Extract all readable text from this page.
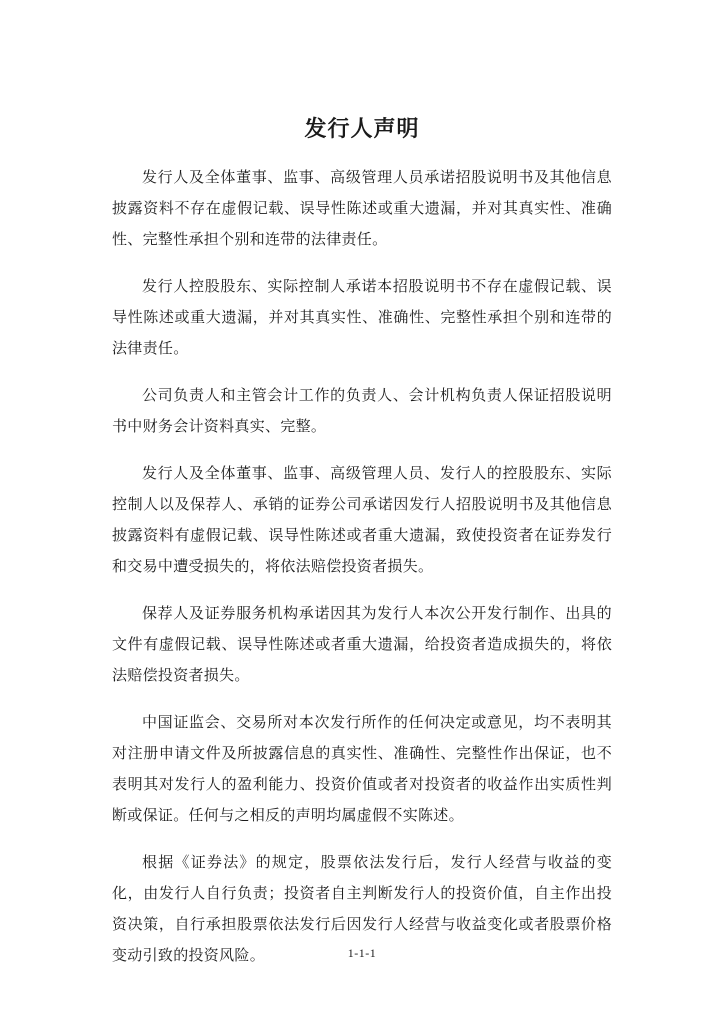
发行人声明

发行人及全体董事、监事、高级管理人员承诺招股说明书及其他信息披露资料不存在虚假记载、误导性陈述或重大遗漏，并对其真实性、准确性、完整性承担个别和连带的法律责任。

发行人控股股东、实际控制人承诺本招股说明书不存在虚假记载、误导性陈述或重大遗漏，并对其真实性、准确性、完整性承担个别和连带的法律责任。

公司负责人和主管会计工作的负责人、会计机构负责人保证招股说明书中财务会计资料真实、完整。

发行人及全体董事、监事、高级管理人员、发行人的控股股东、实际控制人以及保荐人、承销的证券公司承诺因发行人招股说明书及其他信息披露资料有虚假记载、误导性陈述或者重大遗漏，致使投资者在证券发行和交易中遭受损失的，将依法赔偿投资者损失。

保荐人及证券服务机构承诺因其为发行人本次公开发行制作、出具的文件有虚假记载、误导性陈述或者重大遗漏，给投资者造成损失的，将依法赔偿投资者损失。

中国证监会、交易所对本次发行所作的任何决定或意见，均不表明其对注册申请文件及所披露信息的真实性、准确性、完整性作出保证，也不表明其对发行人的盈利能力、投资价值或者对投资者的收益作出实质性判断或保证。任何与之相反的声明均属虚假不实陈述。

根据《证券法》的规定，股票依法发行后，发行人经营与收益的变化，由发行人自行负责；投资者自主判断发行人的投资价值，自主作出投资决策，自行承担股票依法发行后因发行人经营与收益变化或者股票价格变动引致的投资风险。	1-1-1
